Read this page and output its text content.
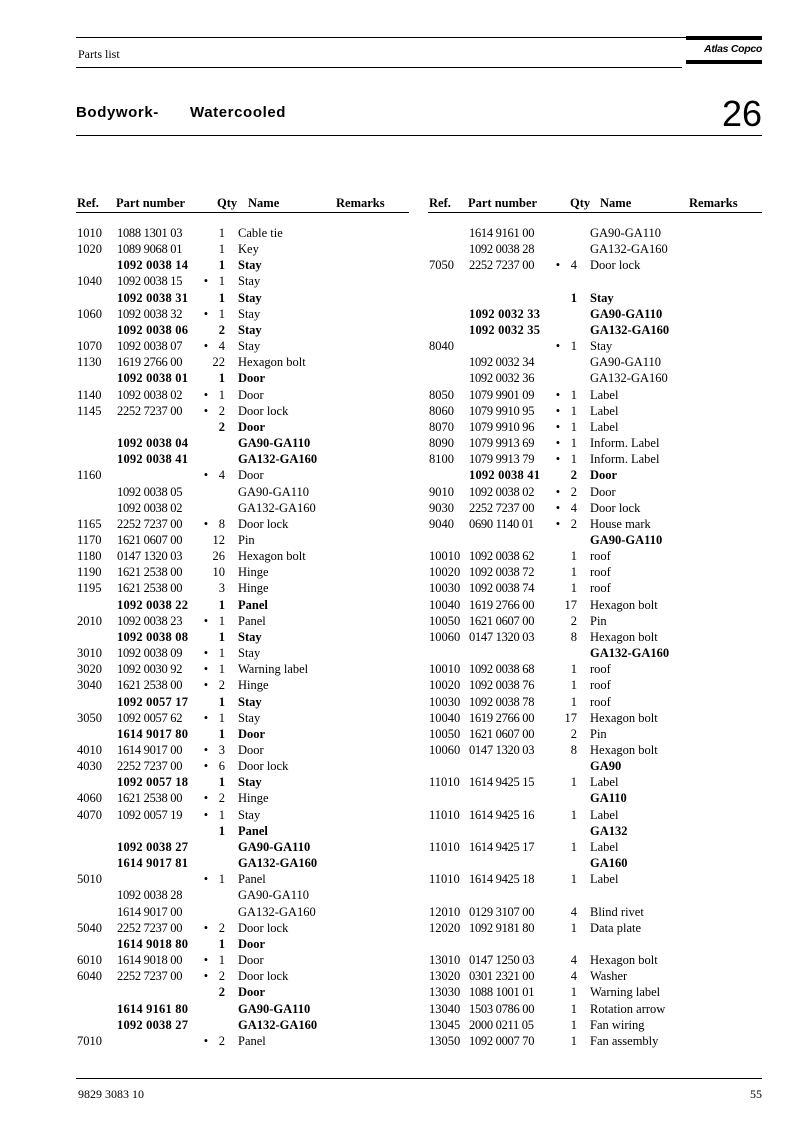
Parts list	Atlas Copco
Bodywork- Watercooled	26
Ref. Part number	Qty Name	Remarks	Ref. Part number	Qty Name	Remarks
1010 1088 1301 03	1 Cable tie
1020 1089 9068 01	1 Key
1092 0038 14	1 Stay
1040 1092 0038 15 • 1 Stay
1092 0038 31	1 Stay
1060 1092 0038 32 • 1 Stay
1092 0038 06	2 Stay
1070 1092 0038 07 • 4 Stay
1130 1619 2766 00	22 Hexagon bolt
1092 0038 01	1 Door
1140 1092 0038 02 • 1 Door
1145 2252 7237 00 • 2 Door lock
2 Door
1092 0038 04	GA90-GA110
1092 0038 41	GA132-GA160
1160	• 4 Door
1092 0038 05	GA90-GA110
1092 0038 02	GA132-GA160
1165 2252 7237 00 • 8 Door lock
1170 1621 0607 00	12 Pin
1180 0147 1320 03	26 Hexagon bolt
1190 1621 2538 00	10 Hinge
1195 1621 2538 00	3 Hinge
1092 0038 22	1 Panel
2010 1092 0038 23 • 1 Panel
1092 0038 08	1 Stay
3010 1092 0038 09 • 1 Stay
3020 1092 0030 92 • 1 Warning label
3040 1621 2538 00 • 2 Hinge
1092 0057 17	1 Stay
3050 1092 0057 62 • 1 Stay
1614 9017 80	1 Door
4010 1614 9017 00 • 3 Door
4030 2252 7237 00 • 6 Door lock
1092 0057 18	1 Stay
4060 1621 2538 00 • 2 Hinge
4070 1092 0057 19 • 1 Stay
1 Panel
1092 0038 27	GA90-GA110
1614 9017 81	GA132-GA160
5010	• 1 Panel
1092 0038 28	GA90-GA110
1614 9017 00	GA132-GA160
5040 2252 7237 00 • 2 Door lock
1614 9018 80	1 Door
6010 1614 9018 00 • 1 Door
6040 2252 7237 00 • 2 Door lock
2 Door
1614 9161 80	GA90-GA110
1092 0038 27	GA132-GA160
7010	• 2 Panel
1614 9161 00	GA90-GA110
1092 0038 28	GA132-GA160
7050 2252 7237 00 • 4 Door lock
1 Stay
1092 0032 33	GA90-GA110
1092 0032 35	GA132-GA160
8040	• 1 Stay
1092 0032 34	GA90-GA110
1092 0032 36	GA132-GA160
8050 1079 9901 09 • 1 Label
8060 1079 9910 95 • 1 Label
8070 1079 9910 96 • 1 Label
8090 1079 9913 69 • 1 Inform. Label
8100 1079 9913 79 • 1 Inform. Label
1092 0038 41	2 Door
9010 1092 0038 02 • 2 Door
9030 2252 7237 00 • 4 Door lock
9040 0690 1140 01 • 2 House mark
GA90-GA110
10010 1092 0038 62	1 roof
10020 1092 0038 72	1 roof
10030 1092 0038 74	1 roof
10040 1619 2766 00	17 Hexagon bolt
10050 1621 0607 00	2 Pin
10060 0147 1320 03	8 Hexagon bolt
GA132-GA160
10010 1092 0038 68	1 roof
10020 1092 0038 76	1 roof
10030 1092 0038 78	1 roof
10040 1619 2766 00	17 Hexagon bolt
10050 1621 0607 00	2 Pin
10060 0147 1320 03	8 Hexagon bolt
GA90
11010 1614 9425 15	1 Label
GA110
11010 1614 9425 16	1 Label
GA132
11010 1614 9425 17	1 Label
GA160
11010 1614 9425 18	1 Label
12010 0129 3107 00	4 Blind rivet
12020 1092 9181 80	1 Data plate
13010 0147 1250 03	4 Hexagon bolt
13020 0301 2321 00	4 Washer
13030 1088 1001 01	1 Warning label
13040 1503 0786 00	1 Rotation arrow
13045 2000 0211 05	1 Fan wiring
13050 1092 0007 70	1 Fan assembly
9829 3083 10	55
